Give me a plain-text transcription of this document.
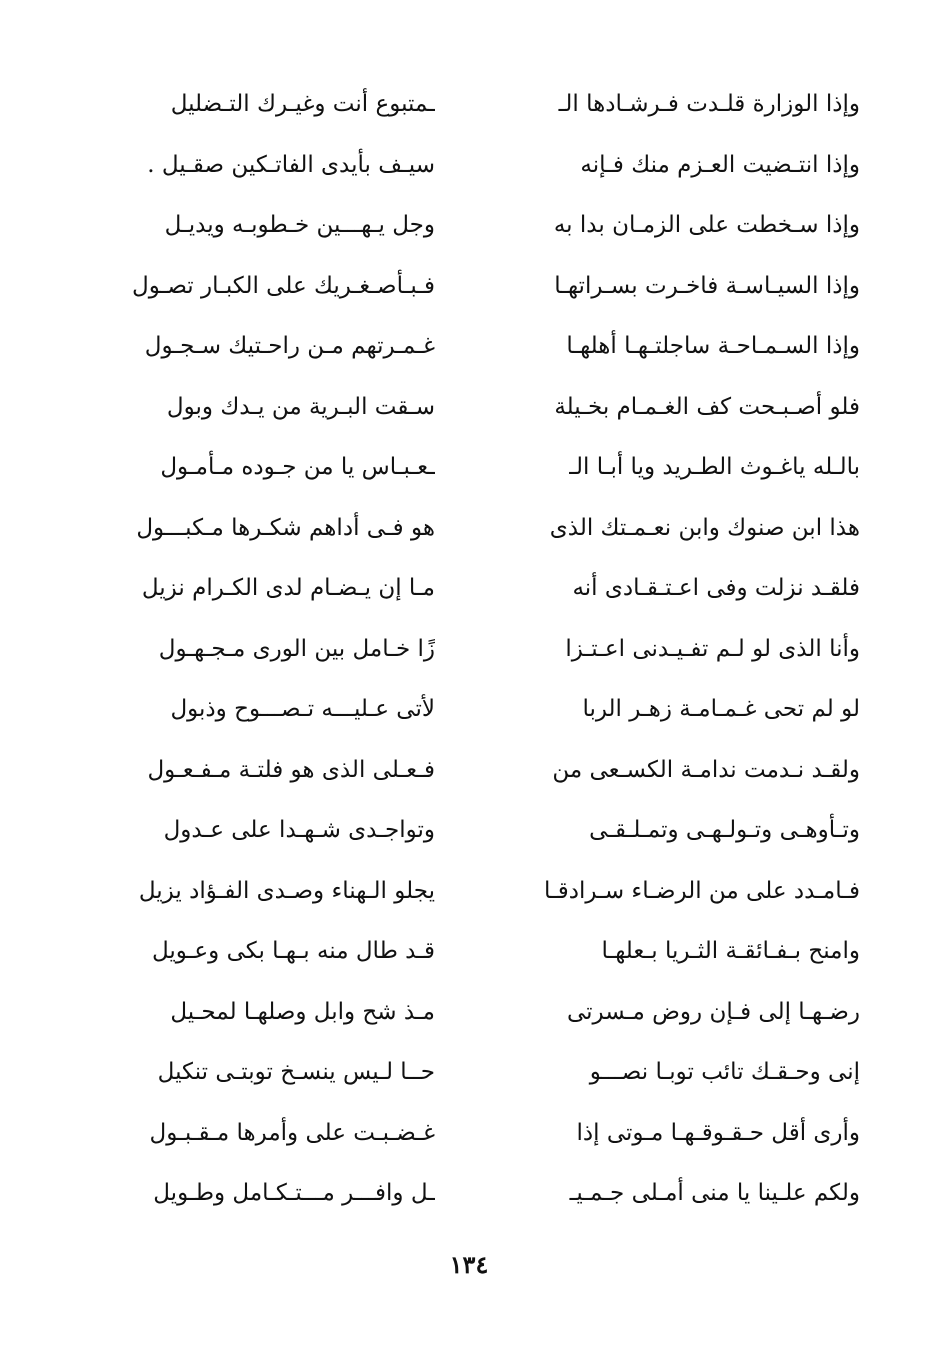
وإذا الوزارة قلـدت فـرشـادها الـ
ـمتبوع أنت وغيـرك التـضليل
وإذا انتـضيت العـزم منك فـإنه
سيـف بأيدى الفاتـكين صقـيل .
وإذا سـخطت على الزمـان بدا به
وجل يـهـــين خـطوبـه ويديـل
وإذا السيـاسـة فاخـرت بسـراتهـا
فـبـأصـغـريك على الكبـار تصـول
وإذا السـمـاحـة ساجلتـهـا أهلهـا
غـمـرتهم مـن راحـتيك سـجـول
فلو أصـبـحت كف الغـمـام بخـيلة
سـقت البـرية من يـدك وبول
بالـله ياغـوث الطـريد ويا أبـا الـ
ـعـبـاس يا من جـوده مـأمـول
هذا ابن صنوك وابن نعـمـتك الذى
هو فـى أداهم شكـرها مـكبـــول
فلقـد نزلت وفى اعـتـقـادى أنه
مـا إن يـضـام لدى الكـرام نزيل
وأنا الذى لو لـم تفـيـدنى اعـتـزا
زًا خـامل بين الورى مـجـهـول
لو لم تحى غـمـامـة زهـر الربا
لأتى عـليـــه تـصـــوح وذبول
ولقـد نـدمت ندامـة الكسـعى من
فـعـلى الذى هو فلتـة مـفـعـول
وتـأوهـى وتـولـهـى وتمـلـقـى
وتواجـدى شـهـدا على عـدول
فـامـدد على من الرضـاء سـرادقـا
يجلو الـهناء وصـدى الفـؤاد يزيل
وامنح بـفـائقـة الثـريا بـعلهـا
قـد طال منه بـهـا بكى وعـويل
رضـهـا إلى فـإن روض مـسرتى
مـذ شح وابل وصلهـا لمحـيل
إنى وحـقـك تائب توبـا نصـــو
حــا لـيس ينسـخ توبتـى تنكيل
وأرى أقل حـقـوقـهـا مـوتى إذا
غـضـبـت على وأمرها مـقـبـول
ولكم علـينا يا منى أمـلى جـمـيـ
ـل وافـــر مـــتـكـامل وطـويل
١٣٤
